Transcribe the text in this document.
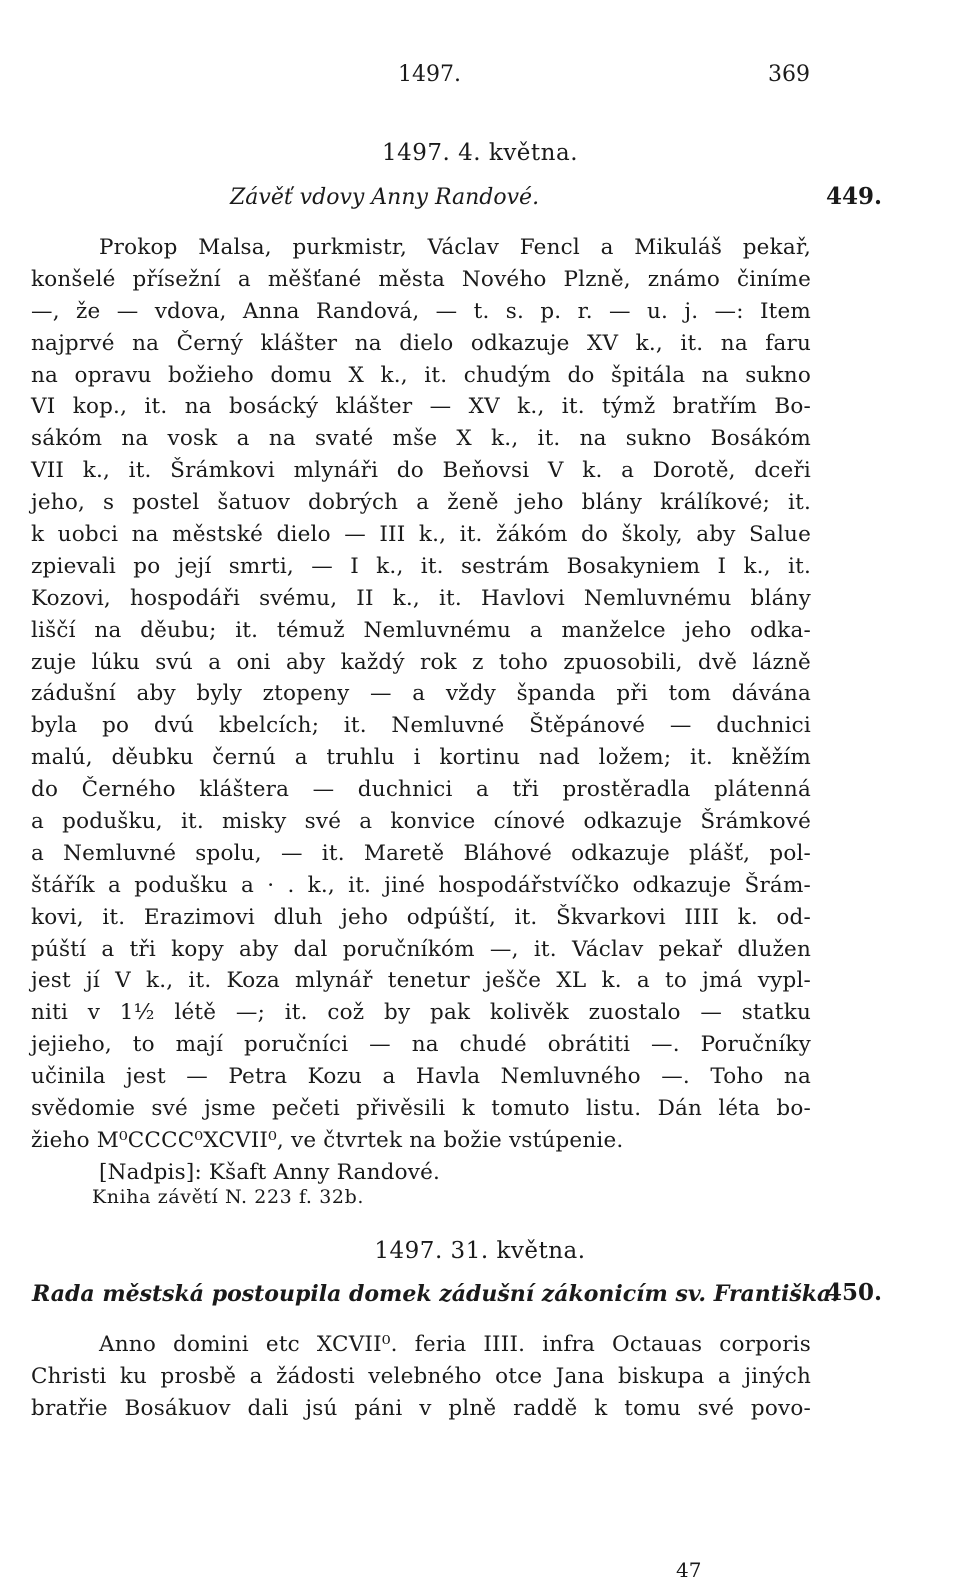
1497.	369
1497. 4. května.
Závěť vdovy Anny Randové.	449.
Prokop Malsa, purkmistr, Václav Fencl a Mikuláš pekař,
konšelé přísežní a měšťané města Nového Plzně, známo činíme
—, že — vdova, Anna Randová, — t. s. p. r. — u. j. —: Item
najprvé na Černý klášter na dielo odkazuje XV k., it. na faru
na opravu božieho domu X k., it. chudým do špitála na sukno
VI kop., it. na bosácký klášter — XV k., it. týmž bratřím Bo-
sákóm na vosk a na svaté mše X k., it. na sukno Bosákóm
VII k., it. Šrámkovi mlynáři do Beňovsi V k. a Dorotě, dceři
jeho, s postel šatuov dobrých a ženě jeho blány králíkové; it.
k uobci na městské dielo — III k., it. žákóm do školy, aby Salue
zpievali po její smrti, — I k., it. sestrám Bosakyniem I k., it.
Kozovi, hospodáři svému, II k., it. Havlovi Nemluvnému blány
liščí na děubu; it. témuž Nemluvnému a manželce jeho odka-
zuje lúku svú a oni aby každý rok z toho zpuosobili, dvě lázně
zádušní aby byly ztopeny — a vždy španda při tom dávána
byla po dvú kbelcích; it. Nemluvné Štěpánové — duchnici
malú, děubku černú a truhlu i kortinu nad ložem; it. kněžím
do Černého kláštera — duchnici a tři prostěradla plátenná
a podušku, it. misky své a konvice cínové odkazuje Šrámkové
a Nemluvné spolu, — it. Maretě Bláhové odkazuje plášť, pol-
štářík a podušku a · . k., it. jiné hospodářstvíčko odkazuje Šrám-
kovi, it. Erazimovi dluh jeho odpúští, it. Škvarkovi IIII k. od-
púští a tři kopy aby dal poručníkóm —, it. Václav pekař dlužen
jest jí V k., it. Koza mlynář tenetur ješče XL k. a to jmá vypl-
niti v 1½ létě —; it. což by pak kolivěk zuostalo — statku
jejieho, to mají poručníci — na chudé obrátiti —. Poručníky
učinila jest — Petra Kozu a Havla Nemluvného —. Toho na
svědomie své jsme pečeti přivěsili k tomuto listu. Dán léta bo-
žieho M⁰CCCC⁰XCVII⁰, ve čtvrtek na božie vstúpenie.
[Nadpis]: Kšaft Anny Randové.
Kniha závětí N. 223 f. 32b.
1497. 31. května.
Rada městská postoupila domek zádušní zákonicím sv. Františka.
450.
Anno domini etc XCVII⁰. feria IIII. infra Octauas corporis
Christi ku prosbě a žádosti velebného otce Jana biskupa a jiných
bratřie Bosákuov dali jsú páni v plně raddě k tomu své povo-
47
